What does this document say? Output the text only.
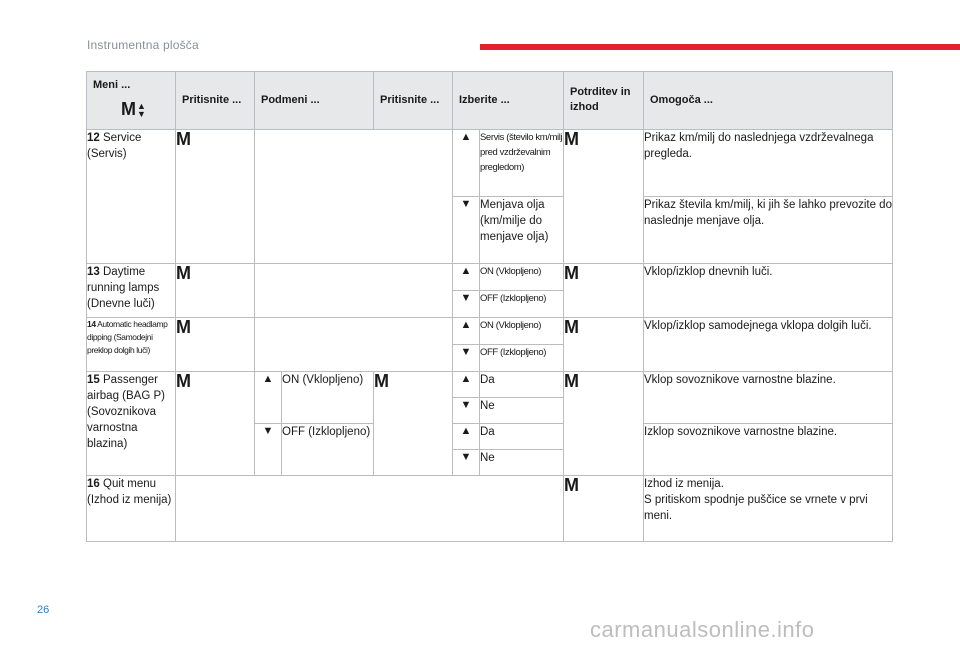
Instrumentna plošča
Meni ...
M ▲
▼	Pritisnite ...	Podmeni ...		Pritisnite ...	Izberite ...		Potrditev in izhod	Omogoča ...
12 Service (Servis)	M				▲	Servis (število km/milj pred vzdrževalnim pregledom)	M	Prikaz km/milj do naslednjega vzdrževalnega pregleda.
					▼	Menjava olja (km/milje do menjave olja)		Prikaz števila km/milj, ki jih še lahko prevozite do naslednje menjave olja.
13 Daytime running lamps (Dnevne luči)	M				▲	ON (Vklopljeno)	M	Vklop/izklop dnevnih luči.
					▼	OFF (Izklopljeno)		
14 Automatic headlamp dipping (Samodejni preklop dolgih luči)	M				▲	ON (Vklopljeno)	M	Vklop/izklop samodejnega vklopa dolgih luči.
					▼	OFF (Izklopljeno)		
15 Passenger airbag (BAG P) (Sovoznikova varnostna blazina)	M	▲	ON (Vklopljeno)	M	▲	Da	M	Vklop sovoznikove varnostne blazine.
					▼	Ne		
		▼	OFF (Izklopljeno)		▲	Da		Izklop sovoznikove varnostne blazine.
					▼	Ne		
16 Quit menu (Izhod iz menija)							M	Izhod iz menija.
S pritiskom spodnje puščice se vrnete v prvi meni.
26
carmanualsonline.info
